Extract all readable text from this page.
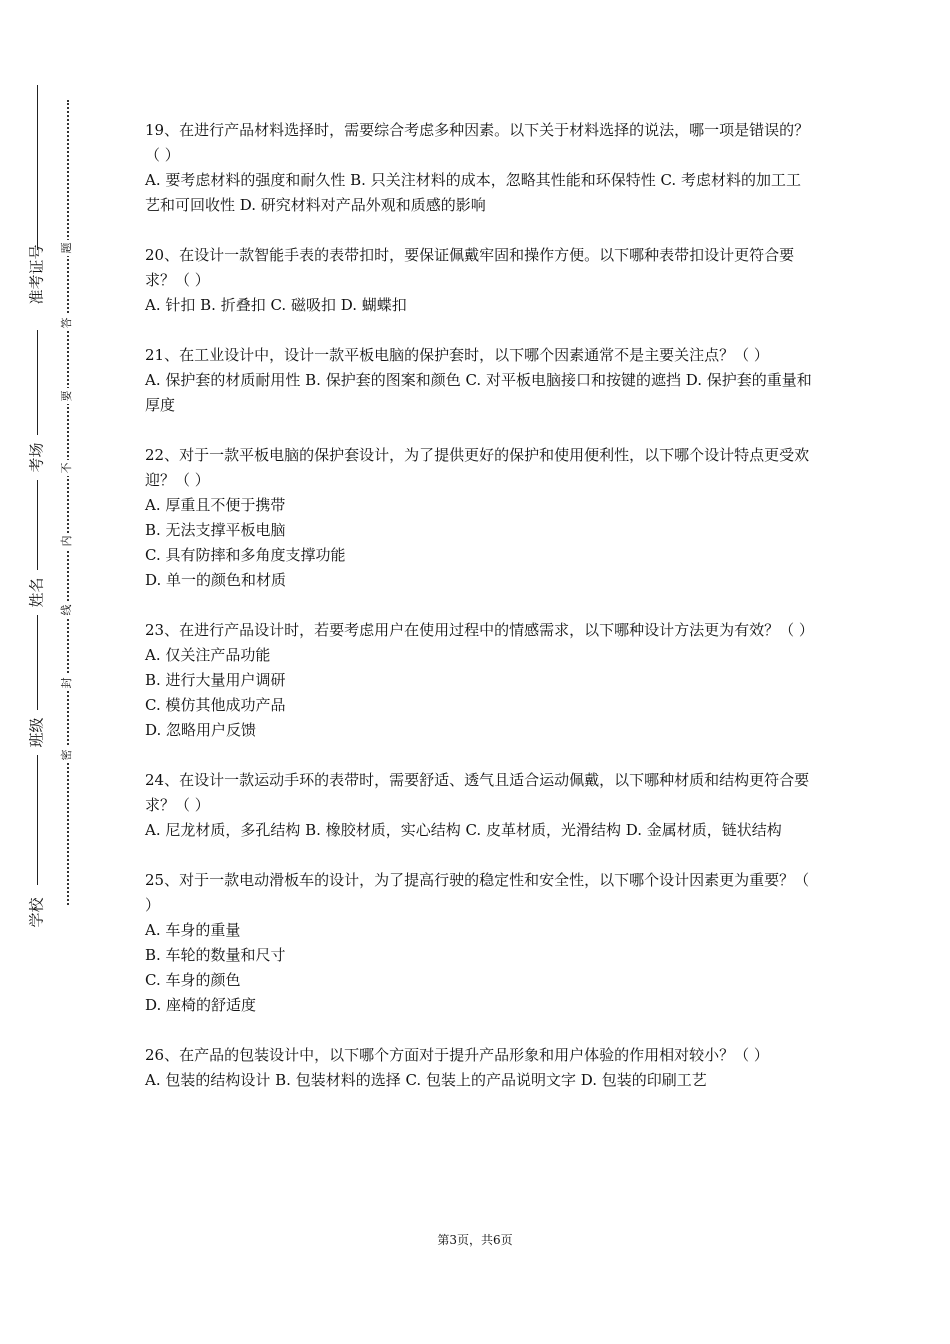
准考证号
考场
姓名
班级
学校
题
答
要
不
内
线
封
密

19、在进行产品材料选择时，需要综合考虑多种因素。以下关于材料选择的说法，哪一项是错误的？（ ）

A. 要考虑材料的强度和耐久性 B. 只关注材料的成本，忽略其性能和环保特性 C. 考虑材料的加工工艺和可回收性 D. 研究材料对产品外观和质感的影响

20、在设计一款智能手表的表带扣时，要保证佩戴牢固和操作方便。以下哪种表带扣设计更符合要求？（ ）

A. 针扣 B. 折叠扣 C. 磁吸扣 D. 蝴蝶扣

21、在工业设计中，设计一款平板电脑的保护套时，以下哪个因素通常不是主要关注点？（ ）

A. 保护套的材质耐用性 B. 保护套的图案和颜色 C. 对平板电脑接口和按键的遮挡 D. 保护套的重量和厚度

22、对于一款平板电脑的保护套设计，为了提供更好的保护和使用便利性，以下哪个设计特点更受欢迎？（ ）

A. 厚重且不便于携带

B. 无法支撑平板电脑

C. 具有防摔和多角度支撑功能

D. 单一的颜色和材质

23、在进行产品设计时，若要考虑用户在使用过程中的情感需求，以下哪种设计方法更为有效？（ ）

A. 仅关注产品功能

B. 进行大量用户调研

C. 模仿其他成功产品

D. 忽略用户反馈

24、在设计一款运动手环的表带时，需要舒适、透气且适合运动佩戴，以下哪种材质和结构更符合要求？（ ）

A. 尼龙材质，多孔结构 B. 橡胶材质，实心结构 C. 皮革材质，光滑结构 D. 金属材质，链状结构

25、对于一款电动滑板车的设计，为了提高行驶的稳定性和安全性，以下哪个设计因素更为重要？（ ）

A. 车身的重量

B. 车轮的数量和尺寸

C. 车身的颜色

D. 座椅的舒适度

26、在产品的包装设计中，以下哪个方面对于提升产品形象和用户体验的作用相对较小？（ ）

A. 包装的结构设计 B. 包装材料的选择 C. 包装上的产品说明文字 D. 包装的印刷工艺

第3页，共6页
